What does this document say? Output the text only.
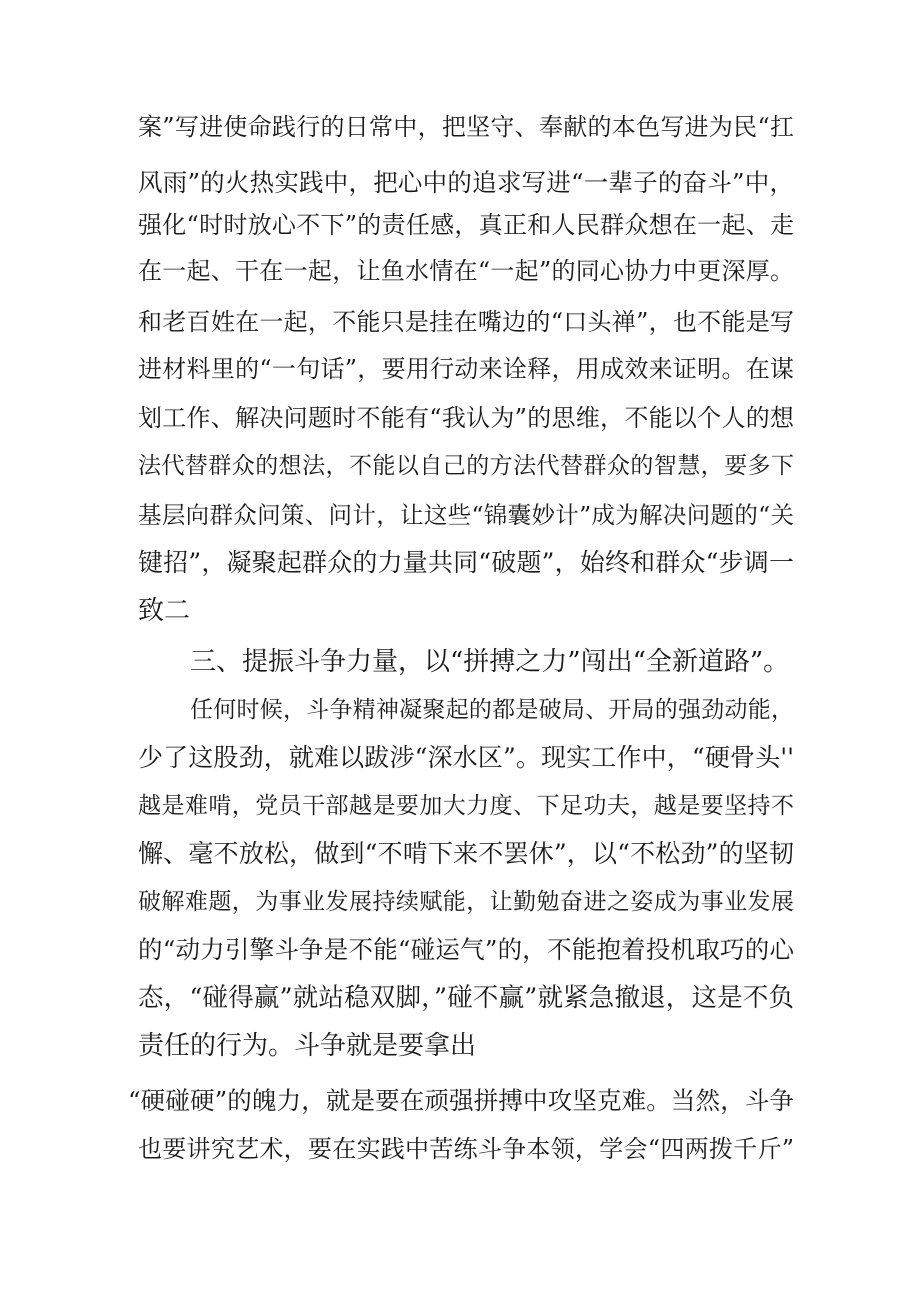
案”写进使命践行的日常中，把坚守、奉献的本色写进为民“扛
风雨”的火热实践中，把心中的追求写进“一辈子的奋斗”中，
强化“时时放心不下”的责任感，真正和人民群众想在一起、走
在一起、干在一起，让鱼水情在“一起”的同心协力中更深厚。
和老百姓在一起，不能只是挂在嘴边的“口头禅”，也不能是写
进材料里的“一句话”，要用行动来诠释，用成效来证明。在谋
划工作、解决问题时不能有“我认为”的思维，不能以个人的想
法代替群众的想法，不能以自己的方法代替群众的智慧，要多下
基层向群众问策、问计，让这些“锦囊妙计”成为解决问题的“关
键招”，凝聚起群众的力量共同“破题”，始终和群众“步调一
致二
三、提振斗争力量，以“拼搏之力”闯出“全新道路”。
任何时候，斗争精神凝聚起的都是破局、开局的强劲动能，
少了这股劲，就难以跋涉“深水区”。现实工作中，“硬骨头''
越是难啃，党员干部越是要加大力度、下足功夫，越是要坚持不
懈、毫不放松，做到“不啃下来不罢休”，以“不松劲”的坚韧
破解难题，为事业发展持续赋能，让勤勉奋进之姿成为事业发展
的“动力引擎斗争是不能“碰运气”的，不能抱着投机取巧的心
态，“碰得赢”就站稳双脚，”碰不赢”就紧急撤退，这是不负
责任的行为。斗争就是要拿出
“硬碰硬”的魄力，就是要在顽强拼搏中攻坚克难。当然，斗争
也要讲究艺术，要在实践中苦练斗争本领，学会“四两拨千斤”
